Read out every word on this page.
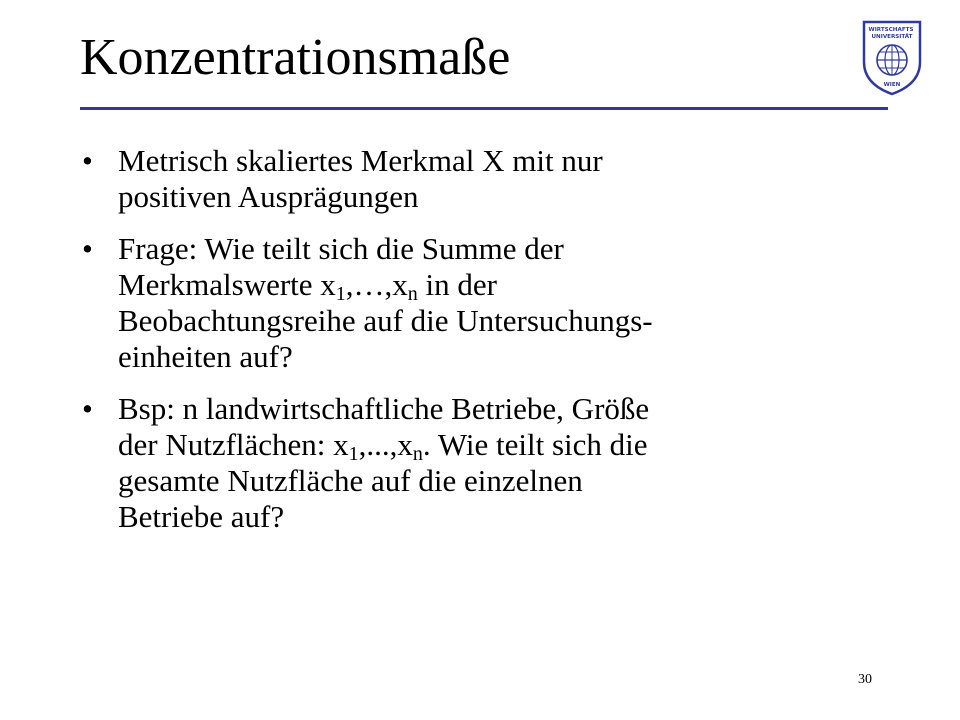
Konzentrationsmaße	WIRTSCHAFTS UNIVERSITÄT
WIEN
• Metrisch skaliertes Merkmal X mit nur
positiven Ausprägungen
• Frage: Wie teilt sich die Summe der
Merkmalswerte $x_1,\dots,x_n$ in der
Beobachtungsreihe auf die Untersuchungs-
einheiten auf?
• Bsp: n landwirtschaftliche Betriebe, Größe
der Nutzflächen: $x_1,...,x_n$. Wie teilt sich die
gesamte Nutzfläche auf die einzelnen
Betriebe auf?
30
